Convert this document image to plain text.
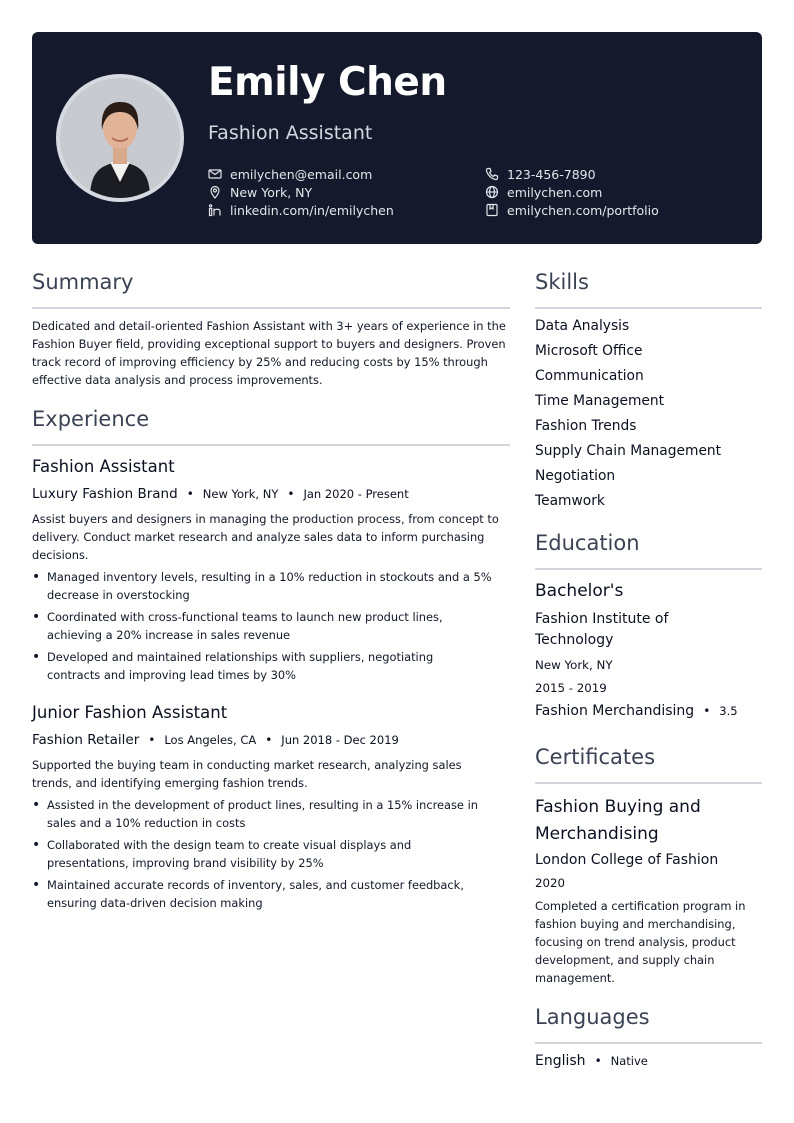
Emily Chen
Fashion Assistant
emilychen@email.com
New York, NY
linkedin.com/in/emilychen
123-456-7890
emilychen.com
emilychen.com/portfolio
Summary
Dedicated and detail-oriented Fashion Assistant with 3+ years of experience in the Fashion Buyer field, providing exceptional support to buyers and designers. Proven track record of improving efficiency by 25% and reducing costs by 15% through effective data analysis and process improvements.
Experience
Fashion Assistant
Luxury Fashion Brand • New York, NY • Jan 2020 - Present
Assist buyers and designers in managing the production process, from concept to delivery. Conduct market research and analyze sales data to inform purchasing decisions.
• Managed inventory levels, resulting in a 10% reduction in stockouts and a 5% decrease in overstocking
• Coordinated with cross-functional teams to launch new product lines, achieving a 20% increase in sales revenue
• Developed and maintained relationships with suppliers, negotiating contracts and improving lead times by 30%
Junior Fashion Assistant
Fashion Retailer • Los Angeles, CA • Jun 2018 - Dec 2019
Supported the buying team in conducting market research, analyzing sales trends, and identifying emerging fashion trends.
• Assisted in the development of product lines, resulting in a 15% increase in sales and a 10% reduction in costs
• Collaborated with the design team to create visual displays and presentations, improving brand visibility by 25%
• Maintained accurate records of inventory, sales, and customer feedback, ensuring data-driven decision making
Skills
Data Analysis
Microsoft Office
Communication
Time Management
Fashion Trends
Supply Chain Management
Negotiation
Teamwork
Education
Bachelor's
Fashion Institute of Technology
New York, NY
2015 - 2019
Fashion Merchandising • 3.5
Certificates
Fashion Buying and Merchandising
London College of Fashion
2020
Completed a certification program in fashion buying and merchandising, focusing on trend analysis, product development, and supply chain management.
Languages
English • Native
